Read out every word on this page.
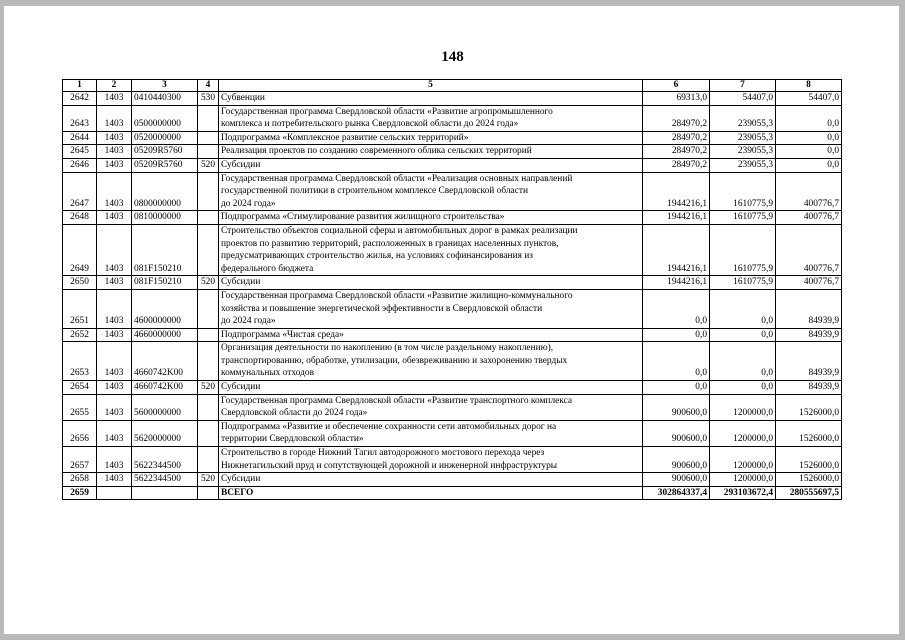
148
1	2	3	4	5	6	7	8
2642	1403	0410440300	530	Субвенции	69313,0	54407,0	54407,0
2643	1403	0500000000		Государственная программа Свердловской области «Развитие агропромышленного
комплекса и потребительского рынка Свердловской области до 2024 года»	284970,2	239055,3	0,0
2644	1403	0520000000		Подпрограмма «Комплексное развитие сельских территорий»	284970,2	239055,3	0,0
2645	1403	05209R5760		Реализация проектов по созданию современного облика сельских территорий	284970,2	239055,3	0,0
2646	1403	05209R5760	520	Субсидии	284970,2	239055,3	0,0
2647	1403	0800000000		Государственная программа Свердловской области «Реализация основных направлений
государственной политики в строительном комплексе Свердловской области
до 2024 года»	1944216,1	1610775,9	400776,7
2648	1403	0810000000		Подпрограмма «Стимулирование развития жилищного строительства»	1944216,1	1610775,9	400776,7
2649	1403	081F150210		Строительство объектов социальной сферы и автомобильных дорог в рамках реализации
проектов по развитию территорий, расположенных в границах населенных пунктов,
предусматривающих строительство жилья, на условиях софинансирования из
федерального бюджета	1944216,1	1610775,9	400776,7
2650	1403	081F150210	520	Субсидии	1944216,1	1610775,9	400776,7
2651	1403	4600000000		Государственная программа Свердловской области «Развитие жилищно-коммунального
хозяйства и повышение энергетической эффективности в Свердловской области
до 2024 года»	0,0	0,0	84939,9
2652	1403	4660000000		Подпрограмма «Чистая среда»	0,0	0,0	84939,9
2653	1403	4660742K00		Организация деятельности по накоплению (в том числе раздельному накоплению),
транспортированию, обработке, утилизации, обезвреживанию и захоронению твердых
коммунальных отходов	0,0	0,0	84939,9
2654	1403	4660742K00	520	Субсидии	0,0	0,0	84939,9
2655	1403	5600000000		Государственная программа Свердловской области «Развитие транспортного комплекса
Свердловской области до 2024 года»	900600,0	1200000,0	1526000,0
2656	1403	5620000000		Подпрограмма «Развитие и обеспечение сохранности сети автомобильных дорог на
территории Свердловской области»	900600,0	1200000,0	1526000,0
2657	1403	5622344500		Строительство в городе Нижний Тагил автодорожного мостового перехода через
Нижнетагильский пруд и сопутствующей дорожной и инженерной инфраструктуры	900600,0	1200000,0	1526000,0
2658	1403	5622344500	520	Субсидии	900600,0	1200000,0	1526000,0
2659				ВСЕГО	302864337,4	293103672,4	280555697,5
